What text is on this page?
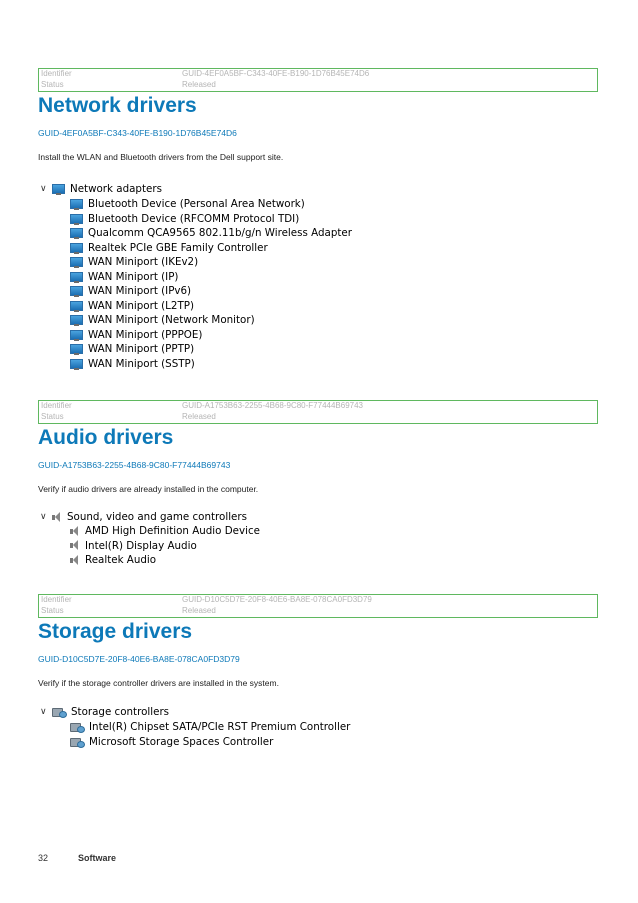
Identifier	GUID-4EF0A5BF-C343-40FE-B190-1D76B45E74D6
Status	Released
Network drivers
GUID-4EF0A5BF-C343-40FE-B190-1D76B45E74D6
Install the WLAN and Bluetooth drivers from the Dell support site.
∨	Network adapters
Bluetooth Device (Personal Area Network)
Bluetooth Device (RFCOMM Protocol TDI)
Qualcomm QCA9565 802.11b/g/n Wireless Adapter
Realtek PCIe GBE Family Controller
WAN Miniport (IKEv2)
WAN Miniport (IP)
WAN Miniport (IPv6)
WAN Miniport (L2TP)
WAN Miniport (Network Monitor)
WAN Miniport (PPPOE)
WAN Miniport (PPTP)
WAN Miniport (SSTP)
Identifier	GUID-A1753B63-2255-4B68-9C80-F77444B69743
Status	Released
Audio drivers
GUID-A1753B63-2255-4B68-9C80-F77444B69743
Verify if audio drivers are already installed in the computer.
∨	Sound, video and game controllers
AMD High Definition Audio Device
Intel(R) Display Audio
Realtek Audio
Identifier	GUID-D10C5D7E-20F8-40E6-BA8E-078CA0FD3D79
Status	Released
Storage drivers
GUID-D10C5D7E-20F8-40E6-BA8E-078CA0FD3D79
Verify if the storage controller drivers are installed in the system.
∨	Storage controllers
Intel(R) Chipset SATA/PCIe RST Premium Controller
Microsoft Storage Spaces Controller
32	Software
